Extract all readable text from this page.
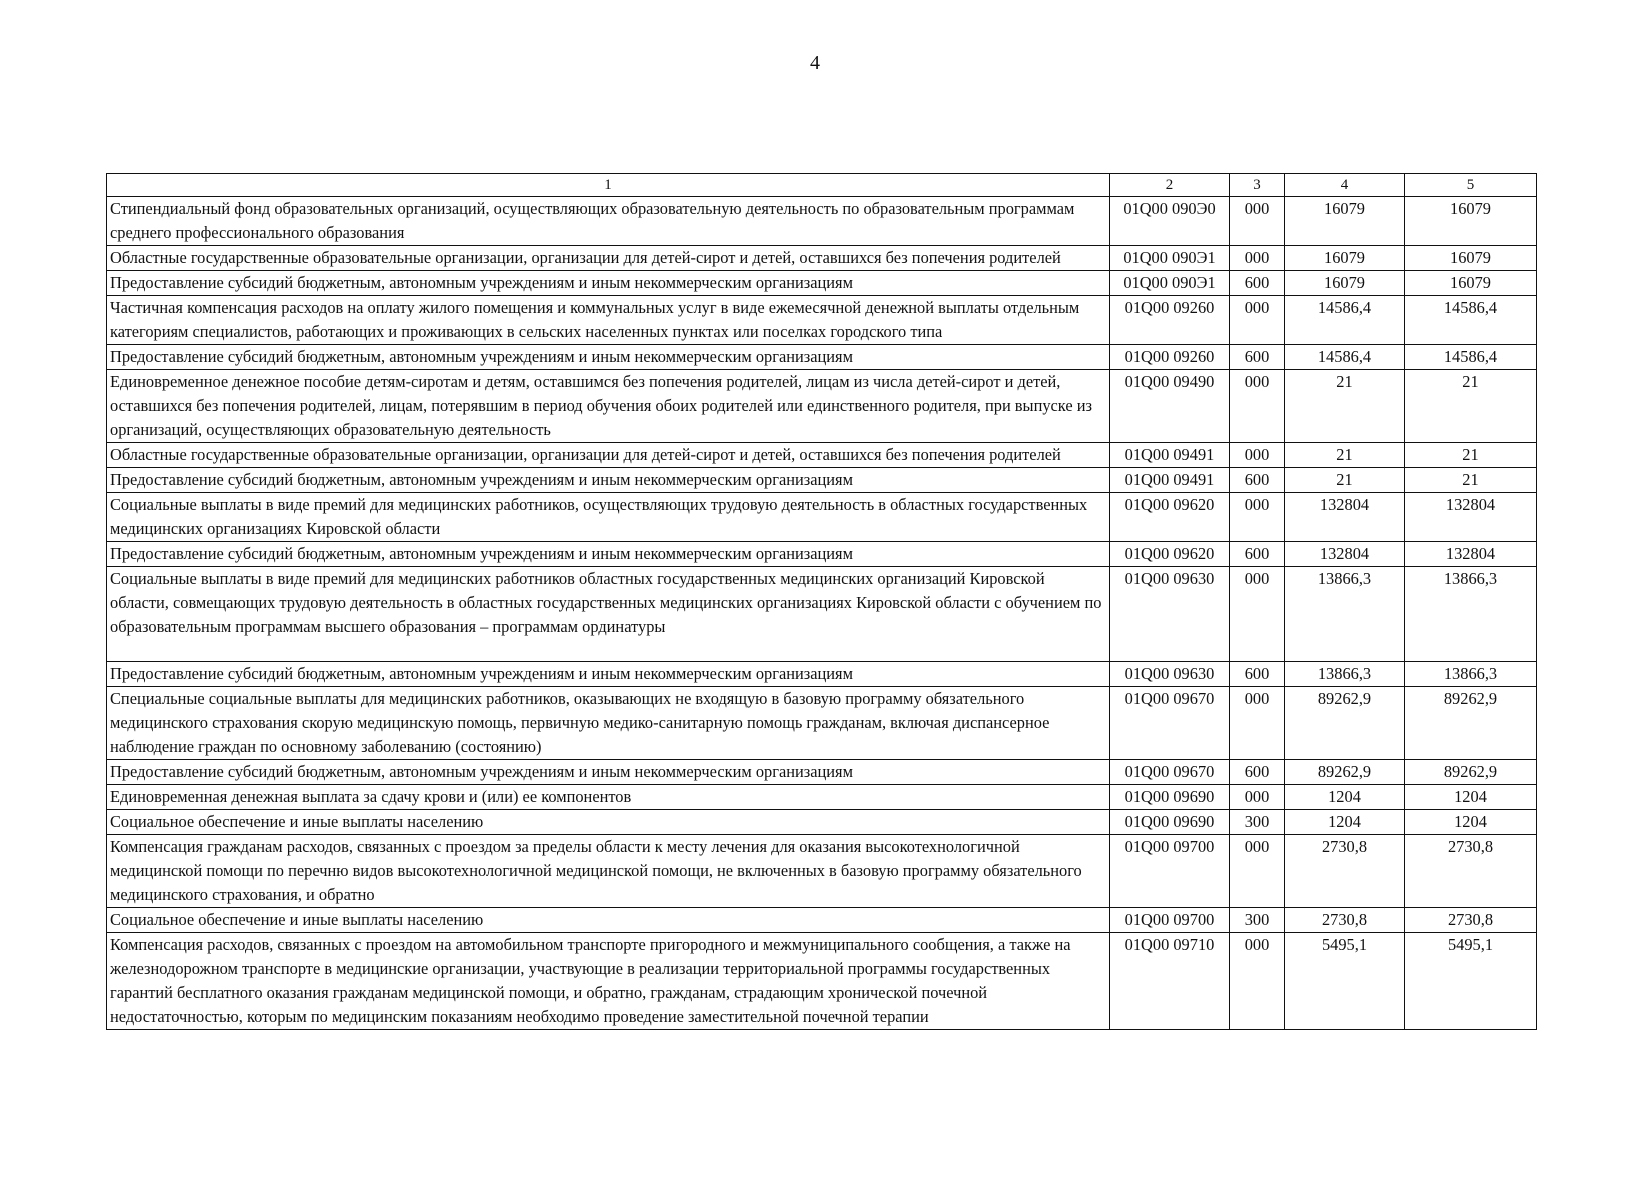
4
1	2	3	4	5
Стипендиальный фонд образовательных организаций, осуществляющих образовательную деятельность по образовательным программам среднего профессионального образования	01Q00 090Э0	000	16079	16079
Областные государственные образовательные организации, организации для детей-сирот и детей, оставшихся без попечения родителей	01Q00 090Э1	000	16079	16079
Предоставление субсидий бюджетным, автономным учреждениям и иным некоммерческим организациям	01Q00 090Э1	600	16079	16079
Частичная компенсация расходов на оплату жилого помещения и коммунальных услуг в виде ежемесячной денежной выплаты отдельным категориям специалистов, работающих и проживающих в сельских населенных пунктах или поселках городского типа	01Q00 09260	000	14586,4	14586,4
Предоставление субсидий бюджетным, автономным учреждениям и иным некоммерческим организациям	01Q00 09260	600	14586,4	14586,4
Единовременное денежное пособие детям-сиротам и детям, оставшимся без попечения родителей, лицам из числа детей-сирот и детей, оставшихся без попечения родителей, лицам, потерявшим в период обучения обоих родителей или единственного родителя, при выпуске из организаций, осуществляющих образовательную деятельность	01Q00 09490	000	21	21
Областные государственные образовательные организации, организации для детей-сирот и детей, оставшихся без попечения родителей	01Q00 09491	000	21	21
Предоставление субсидий бюджетным, автономным учреждениям и иным некоммерческим организациям	01Q00 09491	600	21	21
Социальные выплаты в виде премий для медицинских работников, осуществляющих трудовую деятельность в областных государственных медицинских организациях Кировской области	01Q00 09620	000	132804	132804
Предоставление субсидий бюджетным, автономным учреждениям и иным некоммерческим организациям	01Q00 09620	600	132804	132804
Социальные выплаты в виде премий для медицинских работников областных государственных медицинских организаций Кировской области, совмещающих трудовую деятельность в областных государственных медицинских организациях Кировской области с обучением по образовательным программам высшего образования – программам ординатуры	01Q00 09630	000	13866,3	13866,3
Предоставление субсидий бюджетным, автономным учреждениям и иным некоммерческим организациям	01Q00 09630	600	13866,3	13866,3
Специальные социальные выплаты для медицинских работников, оказывающих не входящую в базовую программу обязательного медицинского страхования скорую медицинскую помощь, первичную медико-санитарную помощь гражданам, включая диспансерное наблюдение граждан по основному заболеванию (состоянию)	01Q00 09670	000	89262,9	89262,9
Предоставление субсидий бюджетным, автономным учреждениям и иным некоммерческим организациям	01Q00 09670	600	89262,9	89262,9
Единовременная денежная выплата за сдачу крови и (или) ее компонентов	01Q00 09690	000	1204	1204
Социальное обеспечение и иные выплаты населению	01Q00 09690	300	1204	1204
Компенсация гражданам расходов, связанных с проездом за пределы области к месту лечения для оказания высокотехнологичной медицинской помощи по перечню видов высокотехнологичной медицинской помощи, не включенных в базовую программу обязательного медицинского страхования, и обратно	01Q00 09700	000	2730,8	2730,8
Социальное обеспечение и иные выплаты населению	01Q00 09700	300	2730,8	2730,8
Компенсация расходов, связанных с проездом на автомобильном транспорте пригородного и межмуниципального сообщения, а также на железнодорожном транспорте в медицинские организации, участвующие в реализации территориальной программы государственных гарантий бесплатного оказания гражданам медицинской помощи, и обратно, гражданам, страдающим хронической почечной недостаточностью, которым по медицинским показаниям необходимо проведение заместительной почечной терапии	01Q00 09710	000	5495,1	5495,1
